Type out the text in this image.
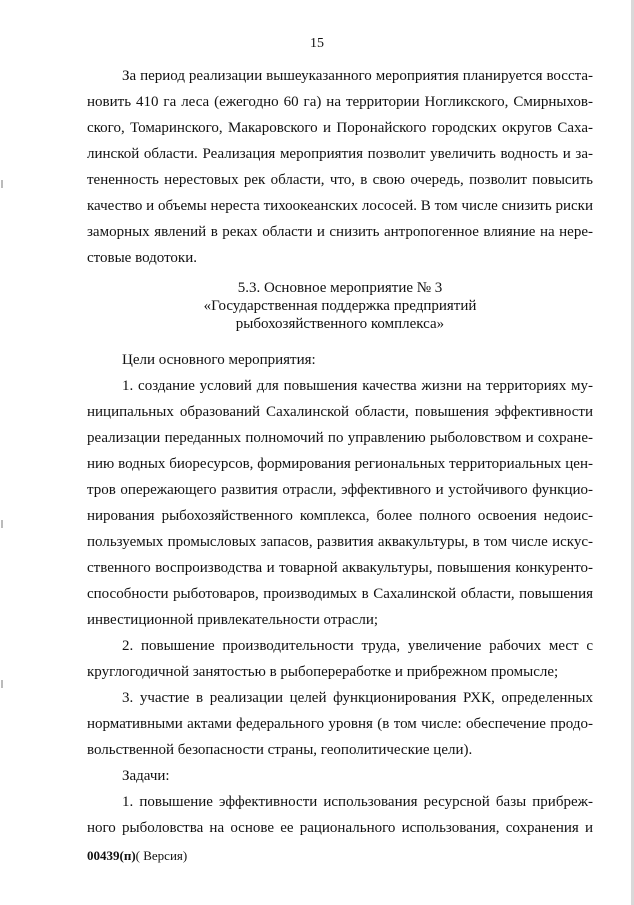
15
За период реализации вышеуказанного мероприятия планируется восста-
новить 410 га леса (ежегодно 60 га) на территории Ногликского, Смирныхов-
ского, Томаринского, Макаровского и Поронайского городских округов Саха-
линской области. Реализация мероприятия позволит увеличить водность и за-
тененность нерестовых рек области, что, в свою очередь, позволит повысить
качество и объемы нереста тихоокеанских лососей. В том числе снизить риски
заморных явлений в реках области и снизить антропогенное влияние на нере-
стовые водотоки.
5.3. Основное мероприятие № 3
«Государственная поддержка предприятий
рыбохозяйственного комплекса»
Цели основного мероприятия:
1. создание условий для повышения качества жизни на территориях му-
ниципальных образований Сахалинской области, повышения эффективности
реализации переданных полномочий по управлению рыболовством и сохране-
нию водных биоресурсов, формирования региональных территориальных цен-
тров опережающего развития отрасли, эффективного и устойчивого функцио-
нирования рыбохозяйственного комплекса, более полного освоения недоис-
пользуемых промысловых запасов, развития аквакультуры, в том числе искус-
ственного воспроизводства и товарной аквакультуры, повышения конкуренто-
способности рыботоваров, производимых в Сахалинской области, повышения
инвестиционной привлекательности отрасли;
2. повышение производительности труда, увеличение рабочих мест с
круглогодичной занятостью в рыбопереработке и прибрежном промысле;
3. участие в реализации целей функционирования РХК, определенных
нормативными актами федерального уровня (в том числе: обеспечение продо-
вольственной безопасности страны, геополитические цели).
Задачи:
1. повышение эффективности использования ресурсной базы прибреж-
ного рыболовства на основе ее рационального использования, сохранения и
00439(п)( Версия)
